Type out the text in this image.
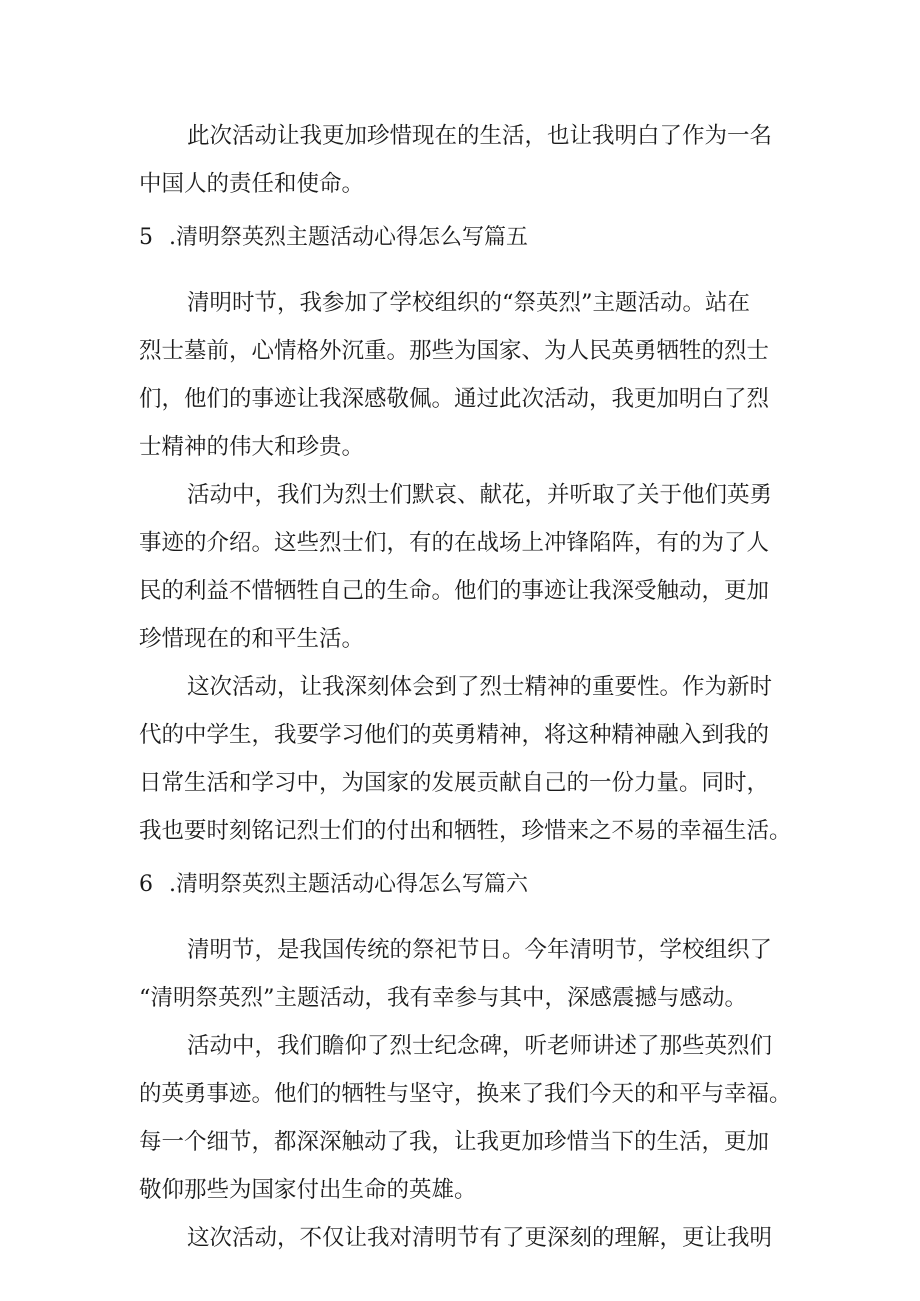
此次活动让我更加珍惜现在的生活，也让我明白了作为一名
中国人的责任和使命。
5 .清明祭英烈主题活动心得怎么写篇五
清明时节，我参加了学校组织的“祭英烈”主题活动。站在
烈士墓前，心情格外沉重。那些为国家、为人民英勇牺牲的烈士
们，他们的事迹让我深感敬佩。通过此次活动，我更加明白了烈
士精神的伟大和珍贵。
活动中，我们为烈士们默哀、献花，并听取了关于他们英勇
事迹的介绍。这些烈士们，有的在战场上冲锋陷阵，有的为了人
民的利益不惜牺牲自己的生命。他们的事迹让我深受触动，更加
珍惜现在的和平生活。
这次活动，让我深刻体会到了烈士精神的重要性。作为新时
代的中学生，我要学习他们的英勇精神，将这种精神融入到我的
日常生活和学习中，为国家的发展贡献自己的一份力量。同时，
我也要时刻铭记烈士们的付出和牺牲，珍惜来之不易的幸福生活。
6 .清明祭英烈主题活动心得怎么写篇六
清明节，是我国传统的祭祀节日。今年清明节，学校组织了
“清明祭英烈”主题活动，我有幸参与其中，深感震撼与感动。
活动中，我们瞻仰了烈士纪念碑，听老师讲述了那些英烈们
的英勇事迹。他们的牺牲与坚守，换来了我们今天的和平与幸福。
每一个细节，都深深触动了我，让我更加珍惜当下的生活，更加
敬仰那些为国家付出生命的英雄。
这次活动，不仅让我对清明节有了更深刻的理解，更让我明
